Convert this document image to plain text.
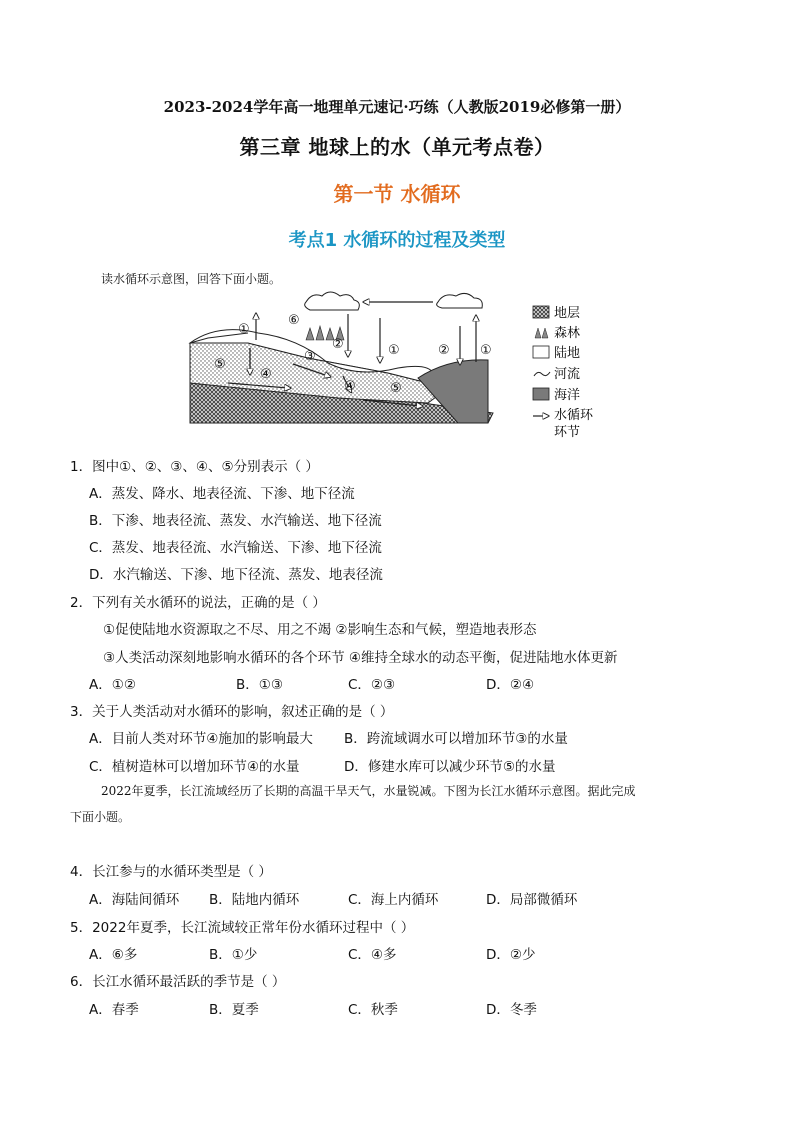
2023-2024学年高一地理单元速记·巧练（人教版2019必修第一册）
第三章 地球上的水（单元考点卷）
第一节 水循环
考点1 水循环的过程及类型
读水循环示意图，回答下面小题。
①
⑥
③
⑤
④
④	⑤
②	①	② ①
地层
森林
陆地
河流
海洋
水循环
环节
1．图中①、②、③、④、⑤分别表示（ ）
A．蒸发、降水、地表径流、下渗、地下径流
B．下渗、地表径流、蒸发、水汽输送、地下径流
C．蒸发、地表径流、水汽输送、下渗、地下径流
D．水汽输送、下渗、地下径流、蒸发、地表径流
2．下列有关水循环的说法，正确的是（ ）
①促使陆地水资源取之不尽、用之不竭 ②影响生态和气候，塑造地表形态
③人类活动深刻地影响水循环的各个环节 ④维持全球水的动态平衡，促进陆地水体更新
A．①②	B．①③	C．②③	D．②④
3．关于人类活动对水循环的影响，叙述正确的是（ ）
A．目前人类对环节④施加的影响最大 B．跨流域调水可以增加环节③的水量
C．植树造林可以增加环节④的水量	D．修建水库可以减少环节⑤的水量
2022年夏季，长江流域经历了长期的高温干旱天气，水量锐减。下图为长江水循环示意图。据此完成
下面小题。
4．长江参与的水循环类型是（ ）
A．海陆间循环 B．陆地内循环	C．海上内循环	D．局部微循环
5．2022年夏季，长江流域较正常年份水循环过程中（ ）
A．⑥多	B．①少	C．④多	D．②少
6．长江水循环最活跃的季节是（ ）
A．春季	B．夏季	C．秋季	D．冬季
